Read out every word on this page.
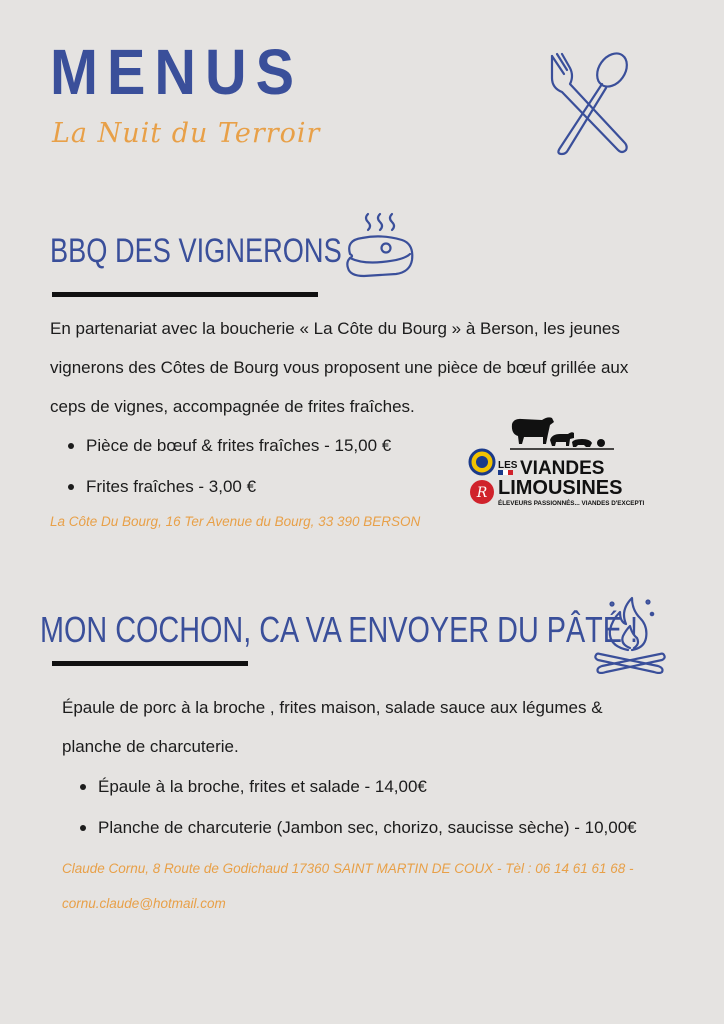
MENUS
La Nuit du Terroir
BBQ DES VIGNERONS
En partenariat avec la boucherie « La Côte du Bourg » à Berson, les jeunes
vignerons des Côtes de Bourg vous proposent une pièce de bœuf grillée aux
ceps de vignes, accompagnée de frites fraîches.
Pièce de bœuf & frites fraîches - 15,00 €
Frites fraîches - 3,00 €
La Côte Du Bourg, 16 Ter Avenue du Bourg, 33 390 BERSON
R
LES VIANDES
LIMOUSINES
ÉLEVEURS PASSIONNÉS... VIANDES D'EXCEPTION
MON COCHON, CA VA ENVOYER DU PÂTÉ !
Épaule de porc à la broche , frites maison, salade sauce aux légumes &
planche de charcuterie.
Épaule à la broche, frites et salade - 14,00€
Planche de charcuterie (Jambon sec, chorizo, saucisse sèche) - 10,00€
Claude Cornu, 8 Route de Godichaud 17360 SAINT MARTIN DE COUX - Tèl : 06 14 61 61 68 -
cornu.claude@hotmail.com
